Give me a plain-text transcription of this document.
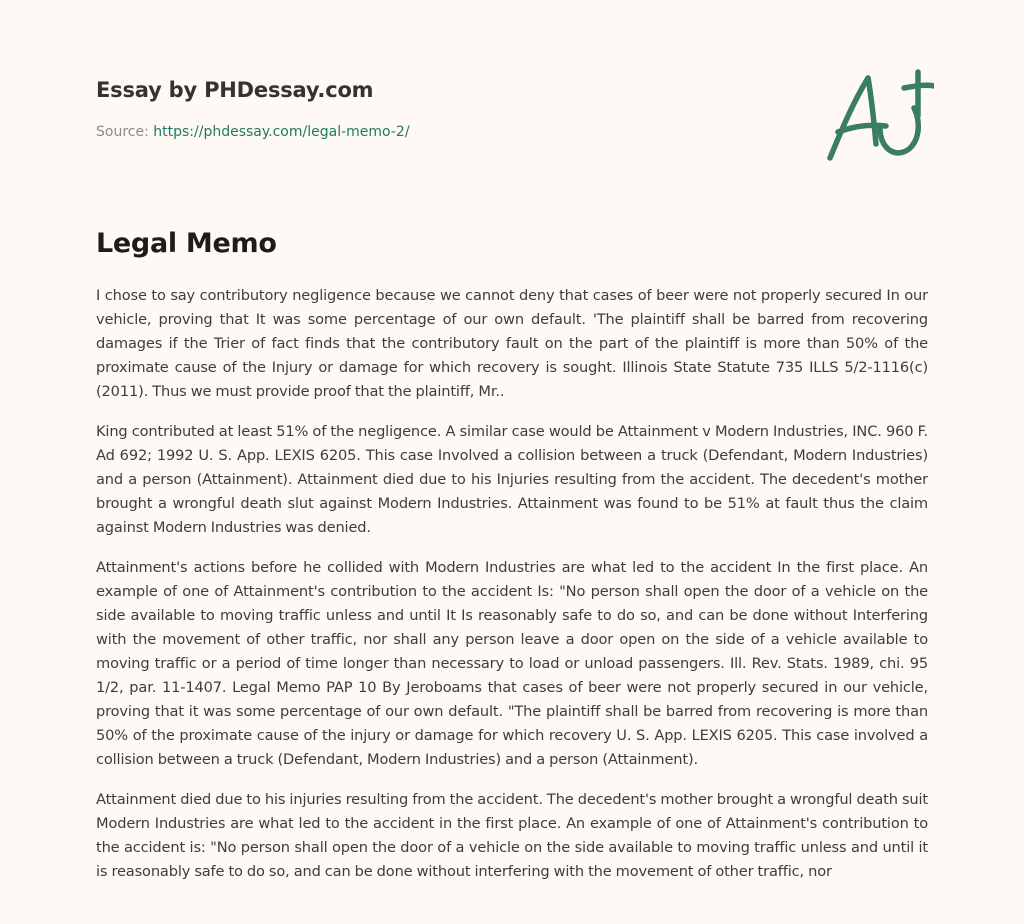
Essay by PHDessay.com
Source: https://phdessay.com/legal-memo-2/
Legal Memo

I chose to say contributory negligence because we cannot deny that cases of beer were not properly secured In our vehicle, proving that It was some percentage of our own default. 'The plaintiff shall be barred from recovering damages if the Trier of fact finds that the contributory fault on the part of the plaintiff is more than 50% of the proximate cause of the Injury or damage for which recovery is sought. Illinois State Statute 735 ILLS 5/2-1116(c) (2011). Thus we must provide proof that the plaintiff, Mr..

King contributed at least 51% of the negligence. A similar case would be Attainment v Modern Industries, INC. 960 F. Ad 692; 1992 U. S. App. LEXIS 6205. This case Involved a collision between a truck (Defendant, Modern Industries) and a person (Attainment). Attainment died due to his Injuries resulting from the accident. The decedent's mother brought a wrongful death slut against Modern Industries. Attainment was found to be 51% at fault thus the claim against Modern Industries was denied.

Attainment's actions before he collided with Modern Industries are what led to the accident In the first place. An example of one of Attainment's contribution to the accident Is: "No person shall open the door of a vehicle on the side available to moving traffic unless and until It Is reasonably safe to do so, and can be done without Interfering with the movement of other traffic, nor shall any person leave a door open on the side of a vehicle available to moving traffic or a period of time longer than necessary to load or unload passengers. Ill. Rev. Stats. 1989, chi. 95 1/2, par. 11-1407. Legal Memo PAP 10 By Jeroboams that cases of beer were not properly secured in our vehicle, proving that it was some percentage of our own default. "The plaintiff shall be barred from recovering is more than 50% of the proximate cause of the injury or damage for which recovery U. S. App. LEXIS 6205. This case involved a collision between a truck (Defendant, Modern Industries) and a person (Attainment).

Attainment died due to his injuries resulting from the accident. The decedent's mother brought a wrongful death suit Modern Industries are what led to the accident in the first place. An example of one of Attainment's contribution to the accident is: "No person shall open the door of a vehicle on the side available to moving traffic unless and until it is reasonably safe to do so, and can be done without interfering with the movement of other traffic, nor
